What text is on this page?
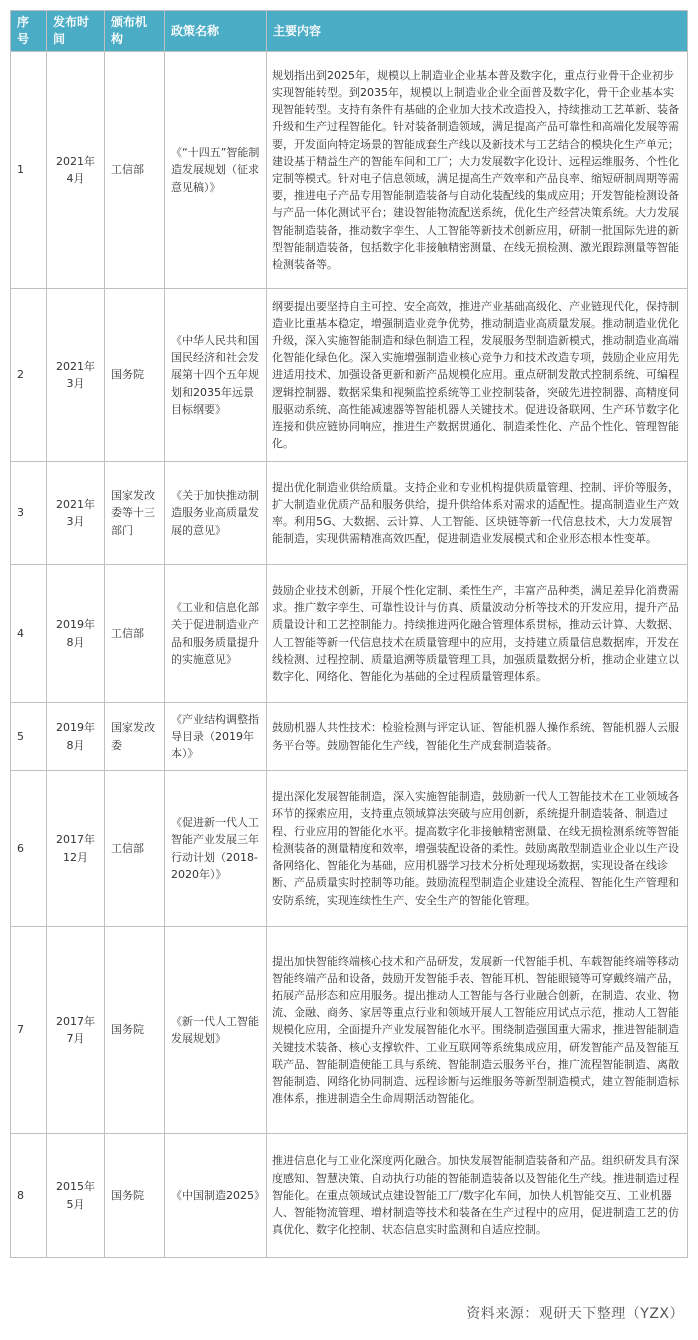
序号	发布时间	颁布机构	政策名称	主要内容
1	2021年4月	工信部	《“十四五”智能制造发展规划（征求意见稿）》	规划指出到2025年，规模以上制造业企业基本普及数字化，重点行业骨干企业初步实现智能转型。到2035年，规模以上制造业企业全面普及数字化，骨干企业基本实现智能转型。支持有条件有基础的企业加大技术改造投入，持续推动工艺革新、装备升级和生产过程智能化。针对装备制造领域，满足提高产品可靠性和高端化发展等需要，开发面向特定场景的智能成套生产线以及新技术与工艺结合的模块化生产单元；建设基于精益生产的智能车间和工厂；大力发展数字化设计、远程运维服务、个性化定制等模式。针对电子信息领域，满足提高生产效率和产品良率、缩短研制周期等需要，推进电子产品专用智能制造装备与自动化装配线的集成应用；开发智能检测设备与产品一体化测试平台；建设智能物流配送系统，优化生产经营决策系统。大力发展智能制造装备，推动数字孪生、人工智能等新技术创新应用，研制一批国际先进的新型智能制造装备，包括数字化非接触精密测量、在线无损检测、激光跟踪测量等智能检测装备等。
2	2021年3月	国务院	《中华人民共和国国民经济和社会发展第十四个五年规划和2035年远景目标纲要》	纲要提出要坚持自主可控、安全高效，推进产业基础高级化、产业链现代化，保持制造业比重基本稳定，增强制造业竞争优势，推动制造业高质量发展。推动制造业优化升级，深入实施智能制造和绿色制造工程，发展服务型制造新模式，推动制造业高端化智能化绿色化。深入实施增强制造业核心竞争力和技术改造专项，鼓励企业应用先进适用技术、加强设备更新和新产品规模化应用。重点研制发散式控制系统、可编程逻辑控制器、数据采集和视频监控系统等工业控制装备，突破先进控制器、高精度伺服驱动系统、高性能减速器等智能机器人关键技术。促进设备联网、生产环节数字化连接和供应链协同响应，推进生产数据贯通化、制造柔性化、产品个性化、管理智能化。
3	2021年3月	国家发改委等十三部门	《关于加快推动制造服务业高质量发展的意见》	提出优化制造业供给质量。支持企业和专业机构提供质量管理、控制、评价等服务，扩大制造业优质产品和服务供给，提升供给体系对需求的适配性。提高制造业生产效率。利用5G、大数据、云计算、人工智能、区块链等新一代信息技术，大力发展智能制造，实现供需精准高效匹配，促进制造业发展模式和企业形态根本性变革。
4	2019年8月	工信部	《工业和信息化部关于促进制造业产品和服务质量提升的实施意见》	鼓励企业技术创新，开展个性化定制、柔性生产，丰富产品种类，满足差异化消费需求。推广数字孪生、可靠性设计与仿真、质量波动分析等技术的开发应用，提升产品质量设计和工艺控制能力。持续推进两化融合管理体系贯标，推动云计算、大数据、人工智能等新一代信息技术在质量管理中的应用，支持建立质量信息数据库，开发在线检测、过程控制、质量追溯等质量管理工具，加强质量数据分析，推动企业建立以数字化、网络化、智能化为基础的全过程质量管理体系。
5	2019年8月	国家发改委	《产业结构调整指导目录（2019年本）》	鼓励机器人共性技术：检验检测与评定认证、智能机器人操作系统、智能机器人云服务平台等。鼓励智能化生产线，智能化生产成套制造装备。
6	2017年12月	工信部	《促进新一代人工智能产业发展三年行动计划（2018-2020年）》	提出深化发展智能制造，深入实施智能制造，鼓励新一代人工智能技术在工业领域各环节的探索应用，支持重点领域算法突破与应用创新，系统提升制造装备、制造过程、行业应用的智能化水平。提高数字化非接触精密测量、在线无损检测系统等智能检测装备的测量精度和效率，增强装配设备的柔性。鼓励离散型制造业企业以生产设备网络化、智能化为基础，应用机器学习技术分析处理现场数据，实现设备在线诊断、产品质量实时控制等功能。鼓励流程型制造企业建设全流程、智能化生产管理和安防系统，实现连续性生产、安全生产的智能化管理。
7	2017年7月	国务院	《新一代人工智能发展规划》	提出加快智能终端核心技术和产品研发，发展新一代智能手机、车载智能终端等移动智能终端产品和设备，鼓励开发智能手表、智能耳机、智能眼镜等可穿戴终端产品，拓展产品形态和应用服务。提出推动人工智能与各行业融合创新，在制造、农业、物流、金融、商务、家居等重点行业和领域开展人工智能应用试点示范，推动人工智能规模化应用，全面提升产业发展智能化水平。围绕制造强国重大需求，推进智能制造关键技术装备、核心支撑软件、工业互联网等系统集成应用，研发智能产品及智能互联产品、智能制造使能工具与系统、智能制造云服务平台，推广流程智能制造、离散智能制造、网络化协同制造、远程诊断与运维服务等新型制造模式，建立智能制造标准体系，推进制造全生命周期活动智能化。
8	2015年5月	国务院	《中国制造2025》	推进信息化与工业化深度两化融合。加快发展智能制造装备和产品。组织研发具有深度感知、智慧决策、自动执行功能的智能制造装备以及智能化生产线。推进制造过程智能化。在重点领域试点建设智能工厂/数字化车间，加快人机智能交互、工业机器人、智能物流管理、增材制造等技术和装备在生产过程中的应用，促进制造工艺的仿真优化、数字化控制、状态信息实时监测和自适应控制。
资料来源：观研天下整理（YZX）
